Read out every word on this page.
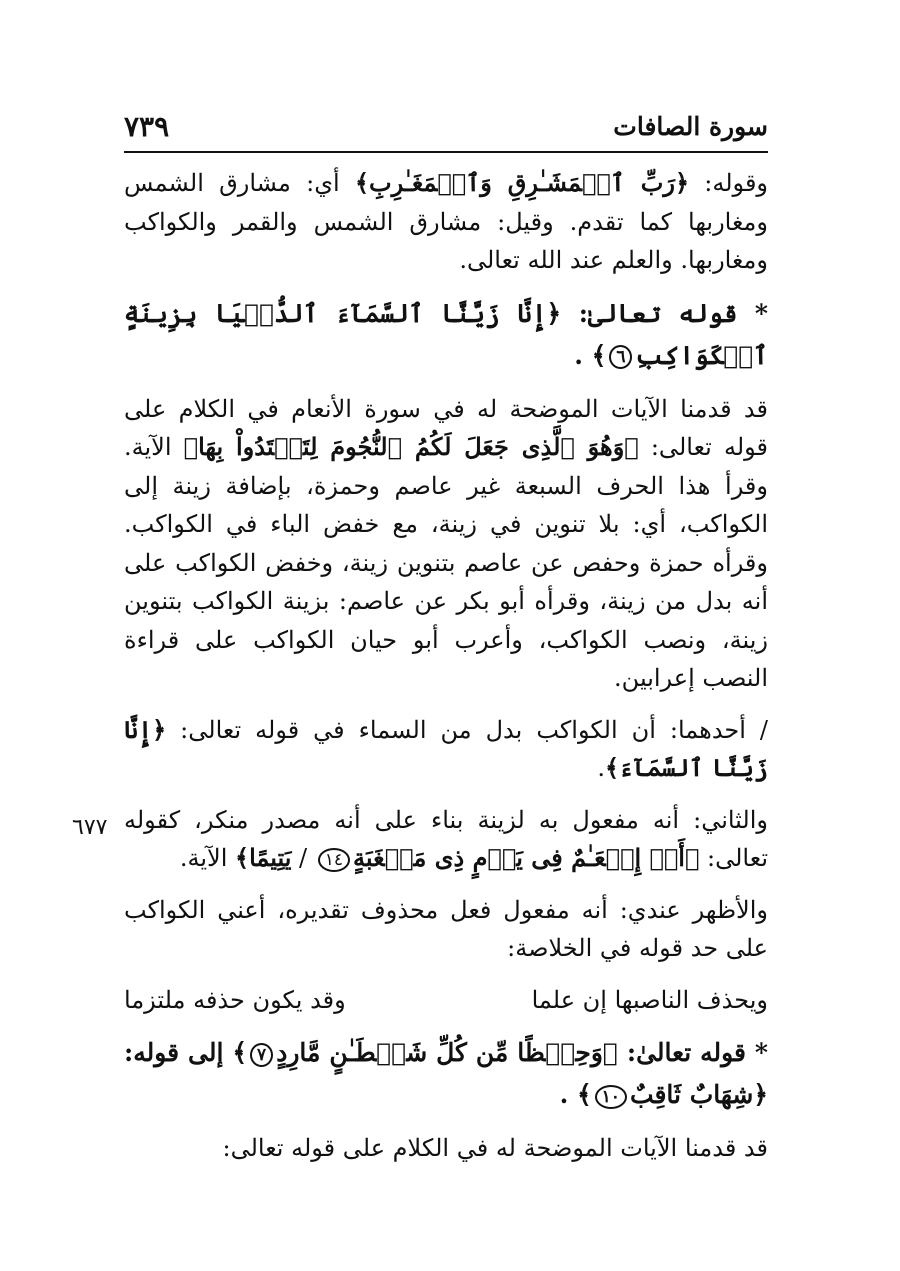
سورة الصافات
٧٣٩
٦٧٧

وقوله: ﴿رَبِّ ٱلۡمَشَـٰرِقِ وَٱلۡمَغَـٰرِبِ﴾ أي: مشارق الشمس ومغاربها كما تقدم. وقيل: مشارق الشمس والقمر والكواكب ومغاربها. والعلم عند الله تعالى.

* قوله تعالىٰ: ﴿إِنَّا زَيَّنَّا ٱلسَّمَآءَ ٱلدُّنۡيَا بِزِينَةٍ ٱلۡكَوَاكِبِ٦﴾ .

قد قدمنا الآيات الموضحة له في سورة الأنعام في الكلام على قوله تعالى: ﴿وَهُوَ ٱلَّذِى جَعَلَ لَكُمُ ٱلنُّجُومَ لِتَهۡتَدُواْ بِهَا﴾ الآية. وقرأ هذا الحرف السبعة غير عاصم وحمزة، بإضافة زينة إلى الكواكب، أي: بلا تنوين في زينة، مع خفض الباء في الكواكب. وقرأه حمزة وحفص عن عاصم بتنوين زينة، وخفض الكواكب على أنه بدل من زينة، وقرأه أبو بكر عن عاصم: بزينة الكواكب بتنوين زينة، ونصب الكواكب، وأعرب أبو حيان الكواكب على قراءة النصب إعرابين.

/ أحدهما: أن الكواكب بدل من السماء في قوله تعالى: ﴿إِنَّا زَيَّنَّا ٱلسَّمَآءَ﴾.

والثاني: أنه مفعول به لزينة بناء على أنه مصدر منكر، كقوله تعالى: ﴿أَوۡ إِطۡعَـٰمٌ فِى يَوۡمٍ ذِى مَسۡغَبَةٍ١٤ / يَتِيمًا﴾ الآية.

والأظهر عندي: أنه مفعول فعل محذوف تقديره، أعني الكواكب على حد قوله في الخلاصة:

ويحذف الناصبها إن علما
وقد يكون حذفه ملتزما

* قوله تعالىٰ: ﴿وَحِفۡظًا مِّن كُلِّ شَيۡطَـٰنٍ مَّارِدٍ٧﴾ إلى قوله: ﴿شِهَابٌ ثَاقِبٌ١٠﴾ .

قد قدمنا الآيات الموضحة له في الكلام على قوله تعالى:
